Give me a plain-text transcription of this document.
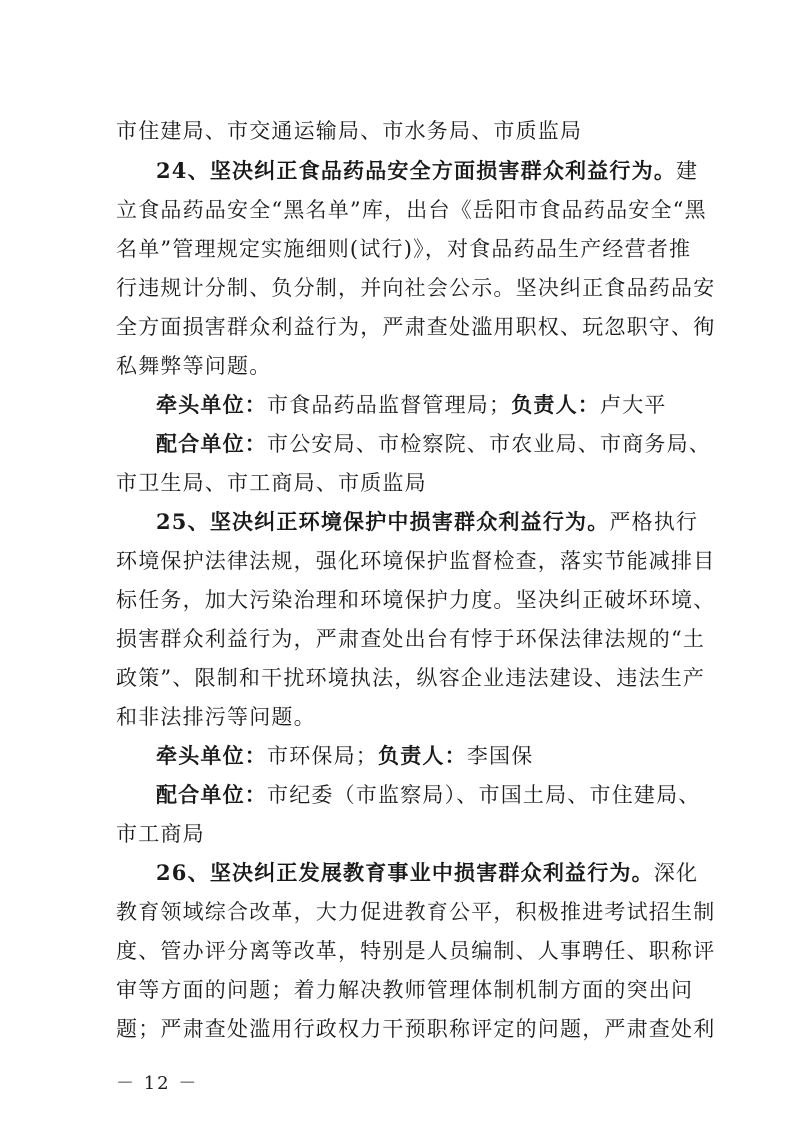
市住建局、市交通运输局、市水务局、市质监局
24、坚决纠正食品药品安全方面损害群众利益行为。建
立食品药品安全“黑名单”库，出台《岳阳市食品药品安全“黑
名单”管理规定实施细则(试行)》，对食品药品生产经营者推
行违规计分制、负分制，并向社会公示。坚决纠正食品药品安
全方面损害群众利益行为，严肃查处滥用职权、玩忽职守、徇
私舞弊等问题。
牵头单位：市食品药品监督管理局；负责人：卢大平
配合单位：市公安局、市检察院、市农业局、市商务局、
市卫生局、市工商局、市质监局
25、坚决纠正环境保护中损害群众利益行为。严格执行
环境保护法律法规，强化环境保护监督检查，落实节能减排目
标任务，加大污染治理和环境保护力度。坚决纠正破坏环境、
损害群众利益行为，严肃查处出台有悖于环保法律法规的“土
政策”、限制和干扰环境执法，纵容企业违法建设、违法生产
和非法排污等问题。
牵头单位：市环保局；负责人：李国保
配合单位：市纪委（市监察局）、市国土局、市住建局、
市工商局
26、坚决纠正发展教育事业中损害群众利益行为。深化
教育领域综合改革，大力促进教育公平，积极推进考试招生制
度、管办评分离等改革，特别是人员编制、人事聘任、职称评
审等方面的问题；着力解决教师管理体制机制方面的突出问
题；严肃查处滥用行政权力干预职称评定的问题，严肃查处利
－ 12 －
